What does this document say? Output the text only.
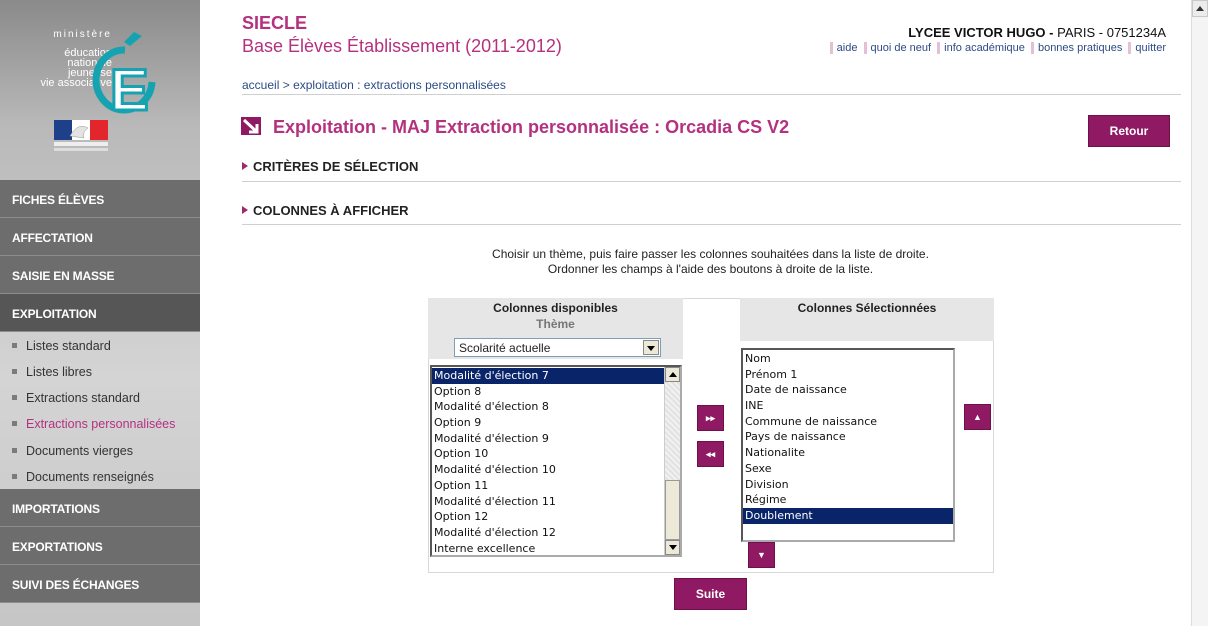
ministère
éducation
nationale
jeunesse
vie associative
E
FICHES ÉLÈVES
AFFECTATION
SAISIE EN MASSE
EXPLOITATION
Listes standard
Listes libres
Extractions standard
Extractions personnalisées
Documents vierges
Documents renseignés
IMPORTATIONS
EXPORTATIONS
SUIVI DES ÉCHANGES
SIECLE
Base Élèves Établissement (2011-2012)
LYCEE VICTOR HUGO - PARIS - 0751234A
aide quoi de neuf info académique bonnes pratiques quitter
accueil > exploitation : extractions personnalisées
Exploitation - MAJ Extraction personnalisée : Orcadia CS V2	Retour
CRITÈRES DE SÉLECTION
COLONNES À AFFICHER
Choisir un thème, puis faire passer les colonnes souhaitées dans la liste de droite.
Ordonner les champs à l'aide des boutons à droite de la liste.
Colonnes disponibles
Thème
Colonnes Sélectionnées
Scolarité actuelle
Modalité d'élection 7
Option 8
Modalité d'élection 8
Option 9
Modalité d'élection 9
Option 10
Modalité d'élection 10
Option 11
Modalité d'élection 11
Option 12
Modalité d'élection 12
Interne excellence
▸▸
◂◂
Nom
Prénom 1
Date de naissance
INE
Commune de naissance
Pays de naissance
Nationalite
Sexe
Division
Régime
Doublement
▲
▼
Suite
